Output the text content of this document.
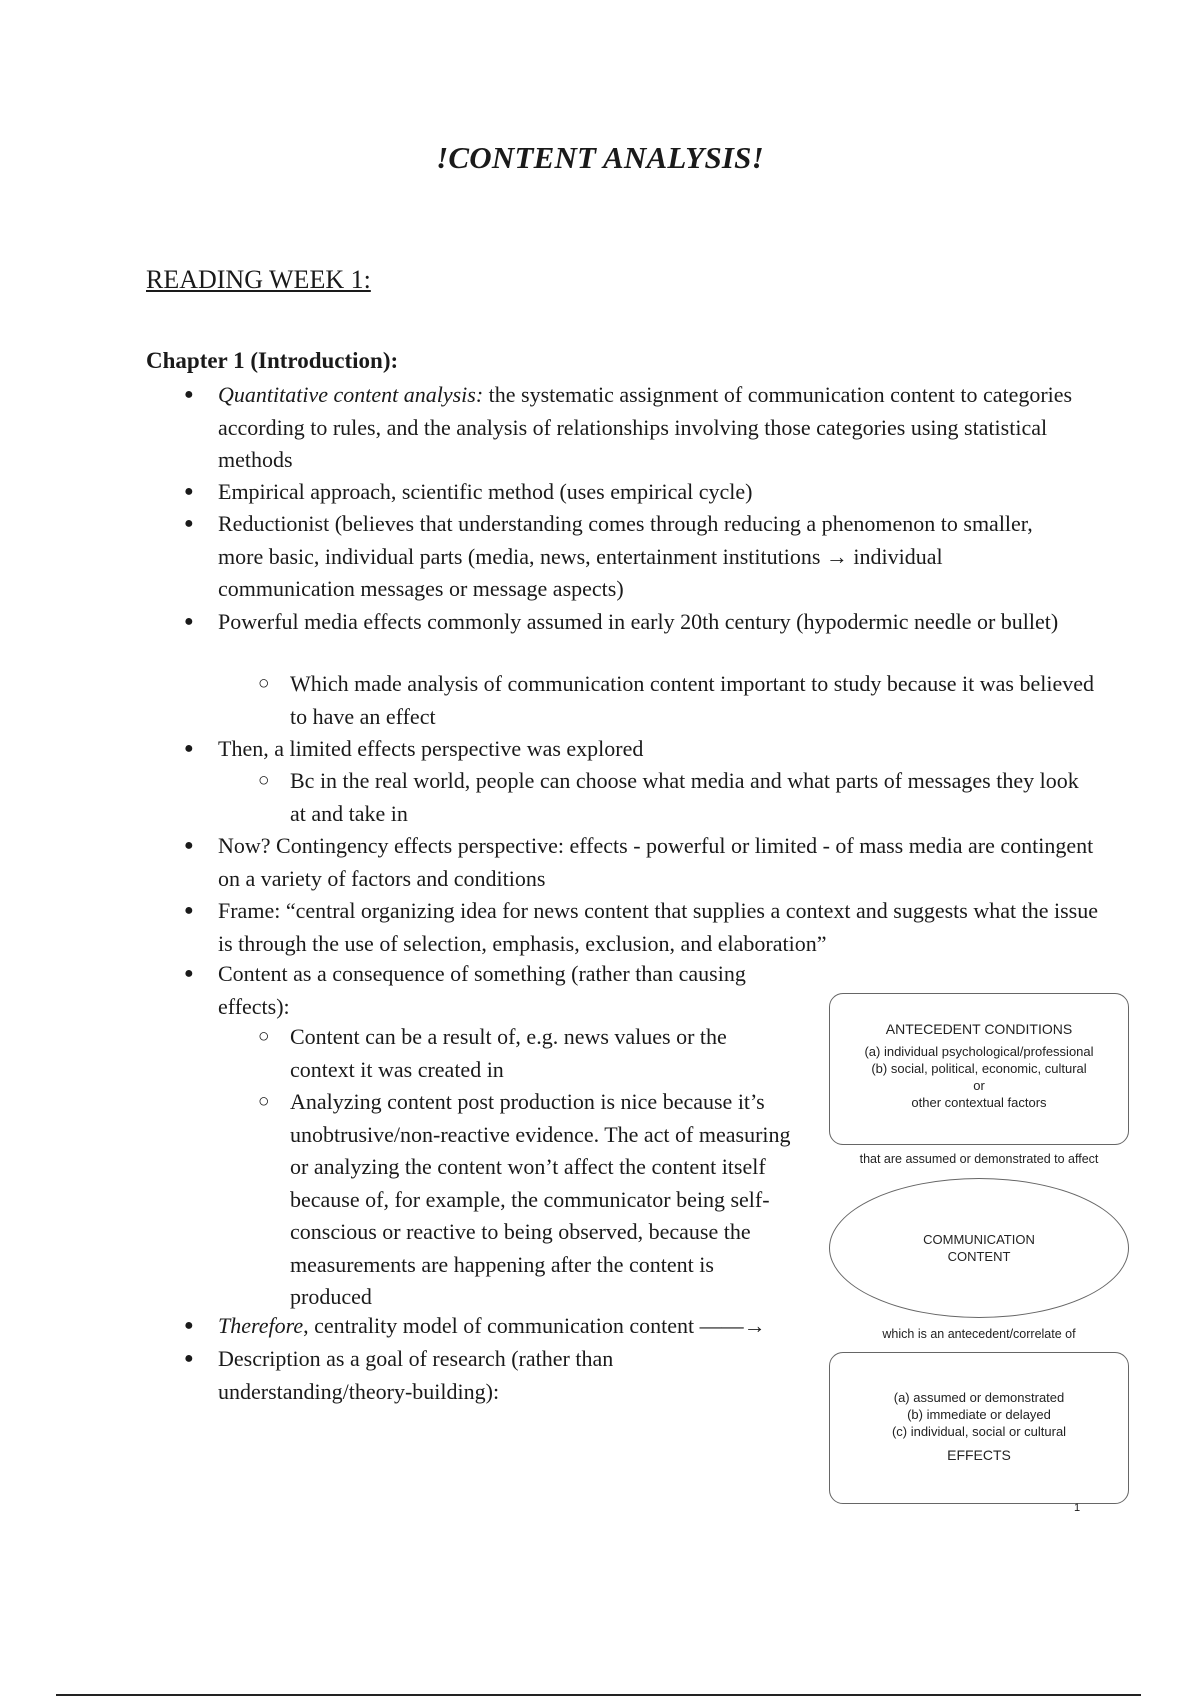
!CONTENT ANALYSIS!
READING WEEK 1:
Chapter 1 (Introduction):
● Quantitative content analysis: the systematic assignment of communication content to categories according to rules, and the analysis of relationships involving those categories using statistical methods
● Empirical approach, scientific method (uses empirical cycle)
● Reductionist (believes that understanding comes through reducing a phenomenon to smaller, more basic, individual parts (media, news, entertainment institutions → individual communication messages or message aspects)
● Powerful media effects commonly assumed in early 20th century (hypodermic needle or bullet)
○ Which made analysis of communication content important to study because it was believed to have an effect
● Then, a limited effects perspective was explored
○ Bc in the real world, people can choose what media and what parts of messages they look at and take in
● Now? Contingency effects perspective: effects - powerful or limited - of mass media are contingent on a variety of factors and conditions
● Frame: “central organizing idea for news content that supplies a context and suggests what the issue is through the use of selection, emphasis, exclusion, and elaboration”
● Content as a consequence of something (rather than causing effects):
○ Content can be a result of, e.g. news values or the context it was created in
○ Analyzing content post production is nice because it’s unobtrusive/non-reactive evidence. The act of measuring or analyzing the content won’t affect the content itself because of, for example, the communicator being self-conscious or reactive to being observed, because the measurements are happening after the content is produced
● Therefore, centrality model of communication content ——→
● Description as a goal of research (rather than understanding/theory-building):
ANTECEDENT CONDITIONS
(a) individual psychological/professional
(b) social, political, economic, cultural
or
other contextual factors
that are assumed or demonstrated to affect
COMMUNICATION
CONTENT
which is an antecedent/correlate of
(a) assumed or demonstrated
(b) immediate or delayed
(c) individual, social or cultural
EFFECTS
1
